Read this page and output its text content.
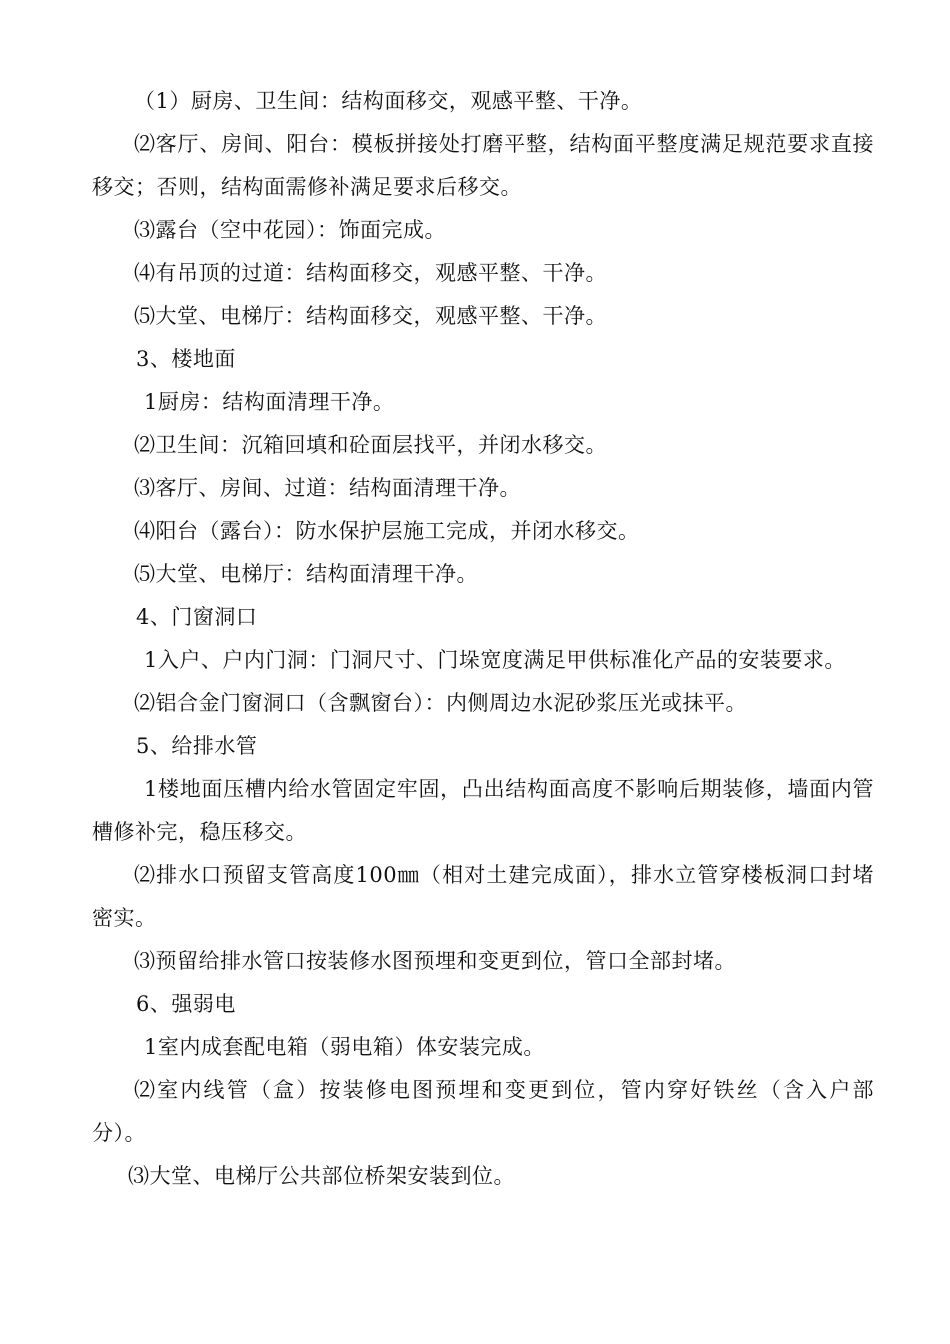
（1）厨房、卫生间：结构面移交，观感平整、干净。

⑵客厅、房间、阳台：模板拼接处打磨平整，结构面平整度满足规范要求直接移交；否则，结构面需修补满足要求后移交。

⑶露台（空中花园）：饰面完成。

⑷有吊顶的过道：结构面移交，观感平整、干净。

⑸大堂、电梯厅：结构面移交，观感平整、干净。

3、楼地面

1厨房：结构面清理干净。

⑵卫生间：沉箱回填和砼面层找平，并闭水移交。

⑶客厅、房间、过道：结构面清理干净。

⑷阳台（露台）：防水保护层施工完成，并闭水移交。

⑸大堂、电梯厅：结构面清理干净。

4、门窗洞口

1入户、户内门洞：门洞尺寸、门垛宽度满足甲供标准化产品的安装要求。

⑵铝合金门窗洞口（含飘窗台）：内侧周边水泥砂浆压光或抹平。

5、给排水管

1楼地面压槽内给水管固定牢固，凸出结构面高度不影响后期装修，墙面内管槽修补完，稳压移交。

⑵排水口预留支管高度100㎜（相对土建完成面），排水立管穿楼板洞口封堵密实。

⑶预留给排水管口按装修水图预埋和变更到位，管口全部封堵。

6、强弱电

1室内成套配电箱（弱电箱）体安装完成。

⑵室内线管（盒）按装修电图预埋和变更到位，管内穿好铁丝（含入户部分）。

⑶大堂、电梯厅公共部位桥架安装到位。
